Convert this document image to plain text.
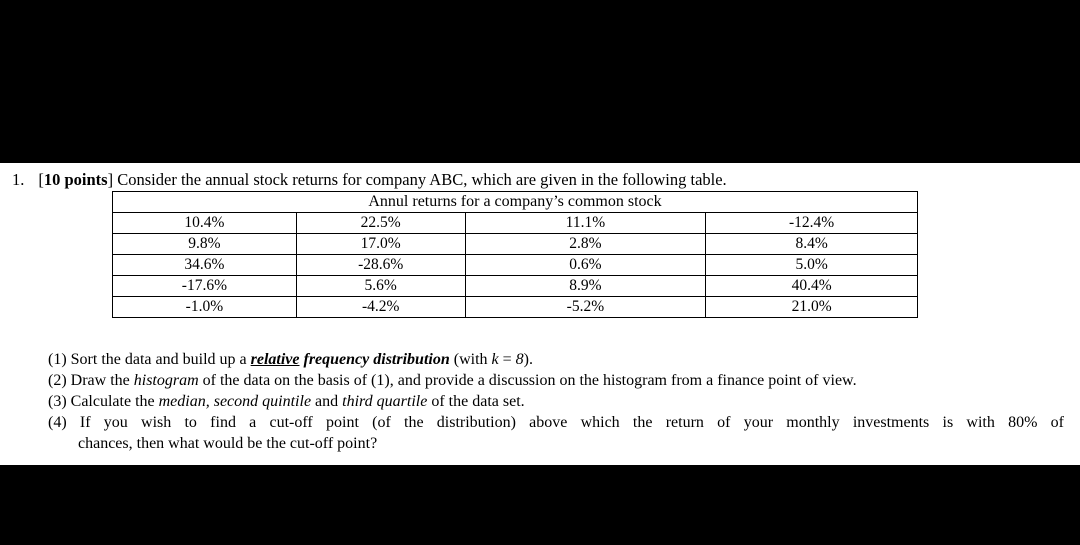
1. [10 points] Consider the annual stock returns for company ABC, which are given in the following table.
Annul returns for a company’s common stock			
10.4%	22.5%	11.1%	-12.4%
9.8%	17.0%	2.8%	8.4%
34.6%	-28.6%	0.6%	5.0%
-17.6%	5.6%	8.9%	40.4%
-1.0%	-4.2%	-5.2%	21.0%
(1) Sort the data and build up a relative frequency distribution (with k = 8).
(2) Draw the histogram of the data on the basis of (1), and provide a discussion on the histogram from a finance point of view.
(3) Calculate the median, second quintile and third quartile of the data set.
(4) If you wish to find a cut-off point (of the distribution) above which the return of your monthly investments is with 80% of
chances, then what would be the cut-off point?
